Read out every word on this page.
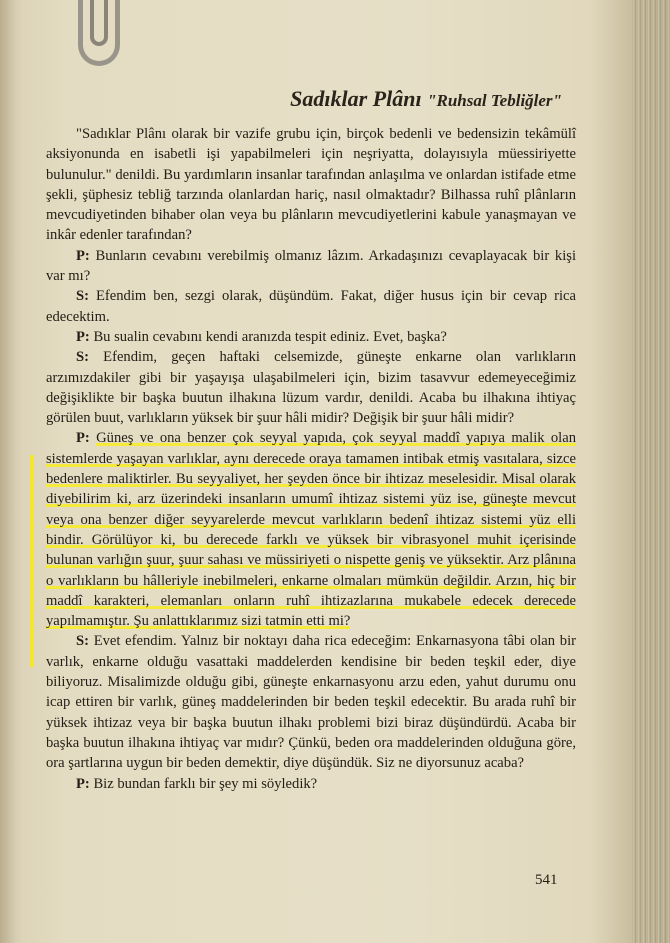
Sadıklar Plânı "Ruhsal Tebliğler"

"Sadıklar Plânı olarak bir vazife grubu için, birçok bedenli ve bedensizin tekâmülî aksiyonunda en isabetli işi yapabilmeleri için neşriyatta, dolayısıyla müessiriyette bulunulur." denildi. Bu yardımların insanlar tarafından anlaşılma ve onlardan istifade etme şekli, şüphesiz tebliğ tarzında olanlardan hariç, nasıl olmaktadır? Bilhassa ruhî plânların mevcudiyetinden bihaber olan veya bu plânların mevcudiyetlerini kabule yanaşmayan ve inkâr edenler tarafından?

P: Bunların cevabını verebilmiş olmanız lâzım. Arkadaşınızı cevaplayacak bir kişi var mı?

S: Efendim ben, sezgi olarak, düşündüm. Fakat, diğer husus için bir cevap rica edecektim.

P: Bu sualin cevabını kendi aranızda tespit ediniz. Evet, başka?

S: Efendim, geçen haftaki celsemizde, güneşte enkarne olan varlıkların arzımızdakiler gibi bir yaşayışa ulaşabilmeleri için, bizim tasavvur edemeyeceğimiz değişiklikte bir başka buutun ilhakına lüzum vardır, denildi. Acaba bu ilhakına ihtiyaç görülen buut, varlıkların yüksek bir şuur hâli midir? Değişik bir şuur hâli midir?

P: Güneş ve ona benzer çok seyyal yapıda, çok seyyal maddî yapıya malik olan sistemlerde yaşayan varlıklar, aynı derecede oraya tamamen intibak etmiş vasıtalara, sizce bedenlere maliktirler. Bu seyyaliyet, her şeyden önce bir ihtizaz meselesidir. Misal olarak diyebilirim ki, arz üzerindeki insanların umumî ihtizaz sistemi yüz ise, güneşte mevcut veya ona benzer diğer seyyarelerde mevcut varlıkların bedenî ihtizaz sistemi yüz elli bindir. Görülüyor ki, bu derecede farklı ve yüksek bir vibrasyonel muhit içerisinde bulunan varlığın şuur, şuur sahası ve müssiriyeti o nispette geniş ve yüksektir. Arz plânına o varlıkların bu hâlleriyle inebilmeleri, enkarne olmaları mümkün değildir. Arzın, hiç bir maddî karakteri, elemanları onların ruhî ihtizazlarına mukabele edecek derecede yapılmamıştır. Şu anlattıklarımız sizi tatmin etti mi?

S: Evet efendim. Yalnız bir noktayı daha rica edeceğim: Enkarnasyona tâbi olan bir varlık, enkarne olduğu vasattaki maddelerden kendisine bir beden teşkil eder, diye biliyoruz. Misalimizde olduğu gibi, güneşte enkarnasyonu arzu eden, yahut durumu onu icap ettiren bir varlık, güneş maddelerinden bir beden teşkil edecektir. Bu arada ruhî bir yüksek ihtizaz veya bir başka buutun ilhakı problemi bizi biraz düşündürdü. Acaba bir başka buutun ilhakına ihtiyaç var mıdır? Çünkü, beden ora maddelerinden olduğuna göre, ora şartlarına uygun bir beden demektir, diye düşündük. Siz ne diyorsunuz acaba?

P: Biz bundan farklı bir şey mi söyledik?

541
